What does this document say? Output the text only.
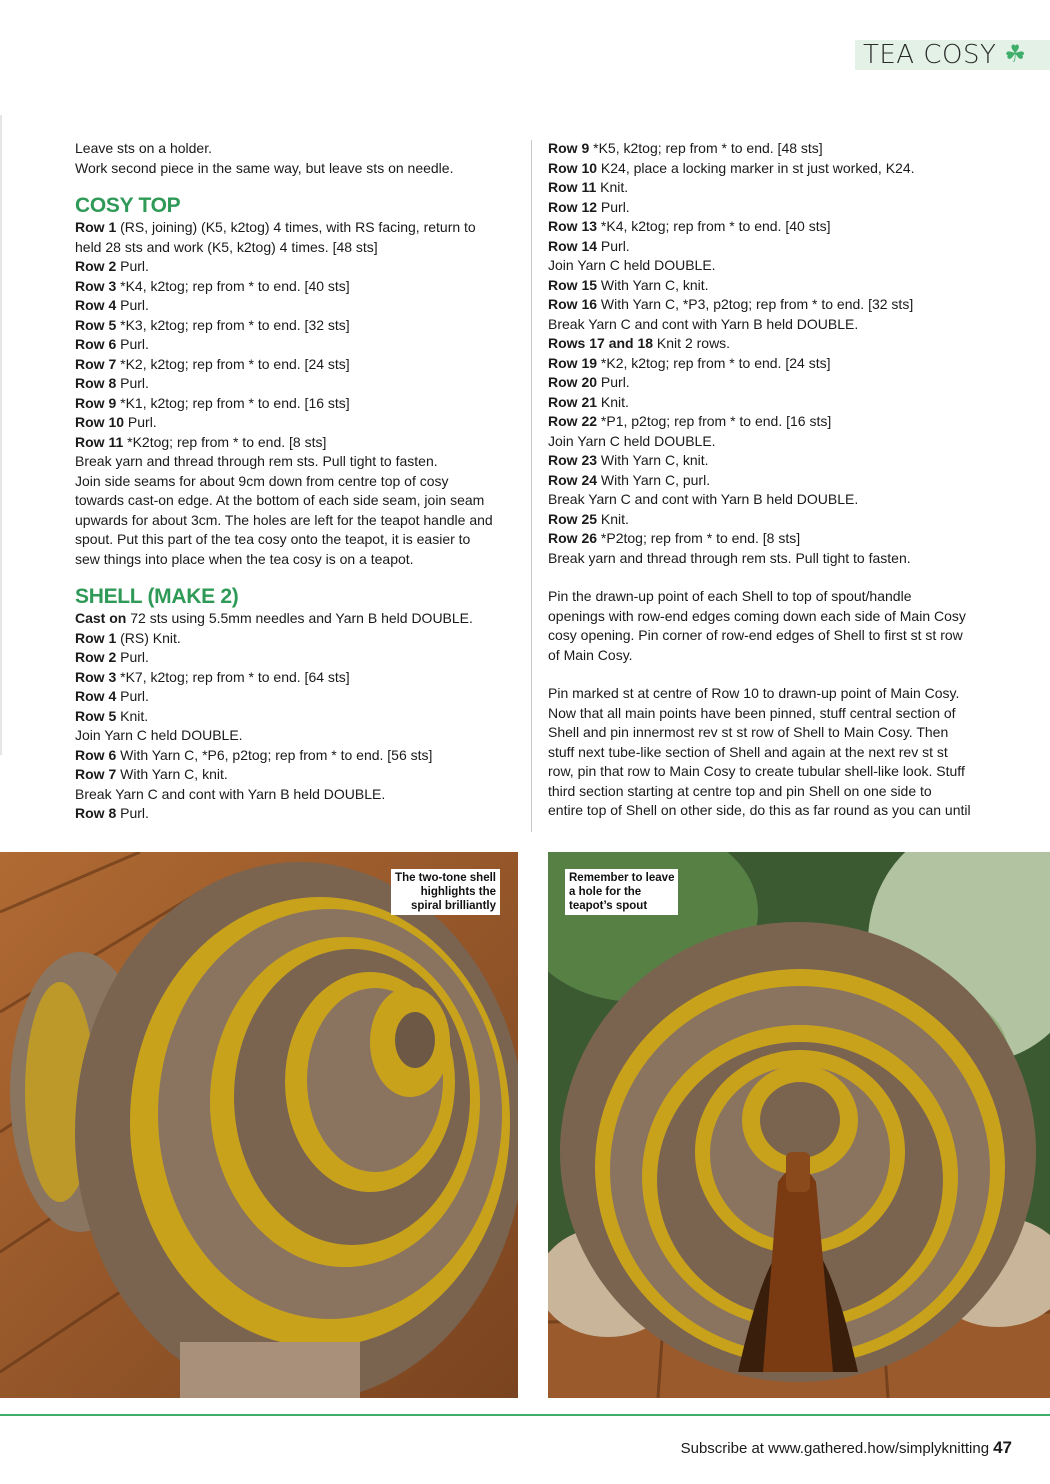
TEA COSY ☘
Leave sts on a holder.
Work second piece in the same way, but leave sts on needle.
COSY TOP
Row 1 (RS, joining) (K5, k2tog) 4 times, with RS facing, return to
held 28 sts and work (K5, k2tog) 4 times. [48 sts]
Row 2 Purl.
Row 3 *K4, k2tog; rep from * to end. [40 sts]
Row 4 Purl.
Row 5 *K3, k2tog; rep from * to end. [32 sts]
Row 6 Purl.
Row 7 *K2, k2tog; rep from * to end. [24 sts]
Row 8 Purl.
Row 9 *K1, k2tog; rep from * to end. [16 sts]
Row 10 Purl.
Row 11 *K2tog; rep from * to end. [8 sts]
Break yarn and thread through rem sts. Pull tight to fasten.
Join side seams for about 9cm down from centre top of cosy
towards cast-on edge. At the bottom of each side seam, join seam
upwards for about 3cm. The holes are left for the teapot handle and
spout. Put this part of the tea cosy onto the teapot, it is easier to
sew things into place when the tea cosy is on a teapot.
SHELL (MAKE 2)
Cast on 72 sts using 5.5mm needles and Yarn B held DOUBLE.
Row 1 (RS) Knit.
Row 2 Purl.
Row 3 *K7, k2tog; rep from * to end. [64 sts]
Row 4 Purl.
Row 5 Knit.
Join Yarn C held DOUBLE.
Row 6 With Yarn C, *P6, p2tog; rep from * to end. [56 sts]
Row 7 With Yarn C, knit.
Break Yarn C and cont with Yarn B held DOUBLE.
Row 8 Purl.
Row 9 *K5, k2tog; rep from * to end. [48 sts]
Row 10 K24, place a locking marker in st just worked, K24.
Row 11 Knit.
Row 12 Purl.
Row 13 *K4, k2tog; rep from * to end. [40 sts]
Row 14 Purl.
Join Yarn C held DOUBLE.
Row 15 With Yarn C, knit.
Row 16 With Yarn C, *P3, p2tog; rep from * to end. [32 sts]
Break Yarn C and cont with Yarn B held DOUBLE.
Rows 17 and 18 Knit 2 rows.
Row 19 *K2, k2tog; rep from * to end. [24 sts]
Row 20 Purl.
Row 21 Knit.
Row 22 *P1, p2tog; rep from * to end. [16 sts]
Join Yarn C held DOUBLE.
Row 23 With Yarn C, knit.
Row 24 With Yarn C, purl.
Break Yarn C and cont with Yarn B held DOUBLE.
Row 25 Knit.
Row 26 *P2tog; rep from * to end. [8 sts]
Break yarn and thread through rem sts. Pull tight to fasten.
Pin the drawn-up point of each Shell to top of spout/handle
openings with row-end edges coming down each side of Main Cosy
cosy opening. Pin corner of row-end edges of Shell to first st st row
of Main Cosy.
Pin marked st at centre of Row 10 to drawn-up point of Main Cosy.
Now that all main points have been pinned, stuff central section of
Shell and pin innermost rev st st row of Shell to Main Cosy. Then
stuff next tube-like section of Shell and again at the next rev st st
row, pin that row to Main Cosy to create tubular shell-like look. Stuff
third section starting at centre top and pin Shell on one side to
entire top of Shell on other side, do this as far round as you can until
The two-tone shell
highlights the
spiral brilliantly
Remember to leave
a hole for the
teapot’s spout
Subscribe at www.gathered.how/simplyknitting 47
